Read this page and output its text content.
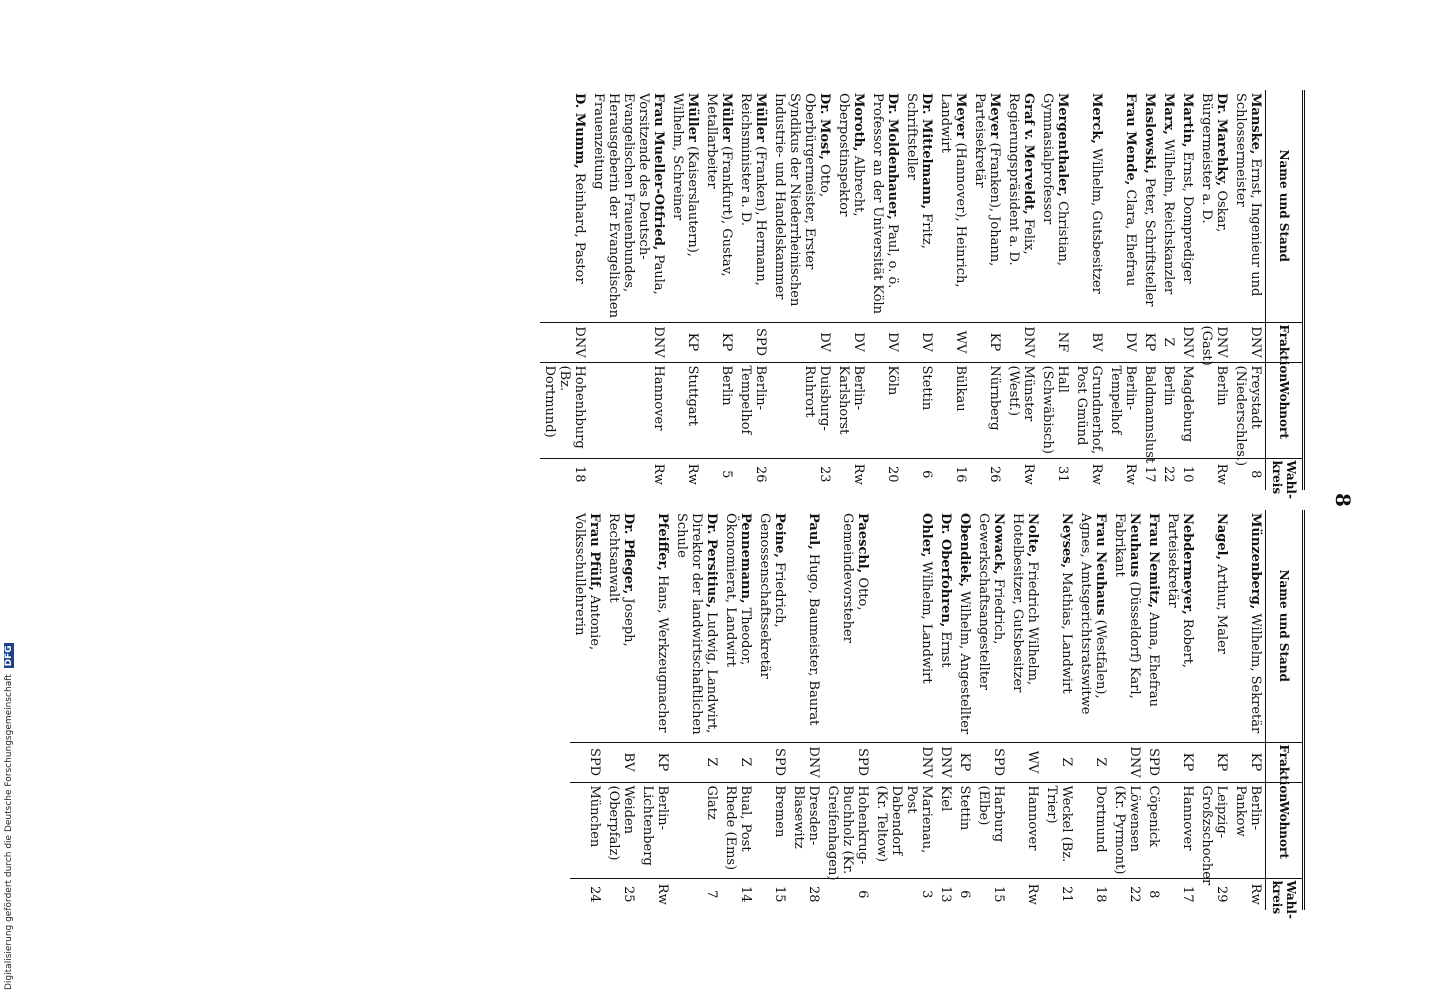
8
Name und Stand	Fraktion	Wohnort	Wahl-kreis
Manske, Ernst, Ingenieur und Schlossermeister	DNV	Freystadt (Niederschles.)	8
Dr. Marehky, Oskar, Bürgermeister a. D.	DNV (Gast)	Berlin	Rw
Martin, Ernst, Domprediger	DNV	Magdeburg	10
Marx, Wilhelm, Reichskanzler	Z	Berlin	22
Maslowski, Peter, Schriftsteller	KP	Baldmannslust	17
Frau Mende, Clara, Ehefrau	DV	Berlin-Tempelhof	Rw
Merck, Wilhelm, Gutsbesitzer	BV	Grundnerhof, Post Gmünd	Rw
Mergenthaler, Christian, Gymnasialprofessor	NF	Hall (Schwäbisch)	31
Graf v. Merveldt, Felix, Regierungspräsident a. D.	DNV	Münster (Westf.)	Rw
Meyer (Franken), Johann, Parteisekretär	KP	Nürnberg	26
Meyer (Hannover), Heinrich, Landwirt	WV	Bülkau	16
Dr. Mittelmann, Fritz, Schriftsteller	DV	Stettin	6
Dr. Moldenhauer, Paul, o. ö. Professor an der Universität Köln	DV	Köln	20
Moroth, Albrecht, Oberpostinspektor	DV	Berlin-Karlshorst	Rw
Dr. Most, Otto, Oberbürgermeister, Erster Syndikus der Niederrheinischen Industrie- und Handelskammer	DV	Duisburg-Ruhrort	23
Müller (Franken), Hermann, Reichsminister a. D.	SPD	Berlin-Tempelhof	26
Müller (Frankfurt), Gustav, Metallarbeiter	KP	Berlin	5
Müller (Kaiserslautern), Wilhelm, Schreiner	KP	Stuttgart	Rw
Frau Mueller-Otfried, Paula, Vorsitzende des Deutsch-Evangelischen Frauenbundes, Herausgeberin der Evangelischen Frauenzeitung	DNV	Hannover	Rw
D. Mumm, Reinhard, Pastor	DNV	Hohenhburg (Bz. Dortmund)	18
Name und Stand	Fraktion	Wohnort	Wahl-kreis
Münzenberg, Wilhelm, Sekretär	KP	Berlin-Pankow	Rw
Nagel, Arthur, Maler	KP	Leipzig-Großzschocher	29
Nebdermeyer, Robert, Parteisekretär	KP	Hannover	17
Frau Nemitz, Anna, Ehefrau	SPD	Cöpenick	8
Neuhaus (Düsseldorf) Karl, Fabrikant	DNV	Löwensen (Kr. Pyrmont)	22
Frau Neuhaus (Westfalen), Agnes, Amtsgerichtsratswitwe	Z	Dortmund	18
Neyses, Mathias, Landwirt	Z	Weckel (Bz. Trier)	21
Nolte, Friedrich Wilhelm, Hotelbesitzer, Gutsbesitzer	WV	Hannover	Rw
Nowack, Friedrich, Gewerkschaftsangestellter	SPD	Harburg (Elbe)	15
Obendiek, Wilhelm, Angestellter	KP	Stettin	6
Dr. Oberfohren, Ernst	DNV	Kiel	13
Ohler, Wilhelm, Landwirt	DNV	Marienau, Post Dabendorf (Kr. Teltow)	3
Paeschl, Otto, Gemeindevorsteher	SPD	Hohenkrug-Buchholz (Kr. Greifenhagen)	6
Paul, Hugo, Baumeister, Baurat	DNV	Dresden-Blasewitz	28
Peine, Friedrich, Genossenschaftssekretär	SPD	Bremen	15
Pennemann, Theodor, Ökonomierat, Landwirt	Z	Bual, Post Rhede (Ems)	14
Dr. Persitius, Ludwig, Landwirt, Direktor der landwirtschaftlichen Schule	Z	Glatz	7
Pfeiffer, Hans, Werkzeugmacher	KP	Berlin-Lichtenberg	Rw
Dr. Pfleger, Joseph, Rechtsanwalt	BV	Weiden (Oberpfalz)	25
Frau Pfülf, Antonie, Volksschullehrerin	SPD	München	24
Digitalisierung gefördert durch die Deutsche Forschungsgemeinschaft DFG
